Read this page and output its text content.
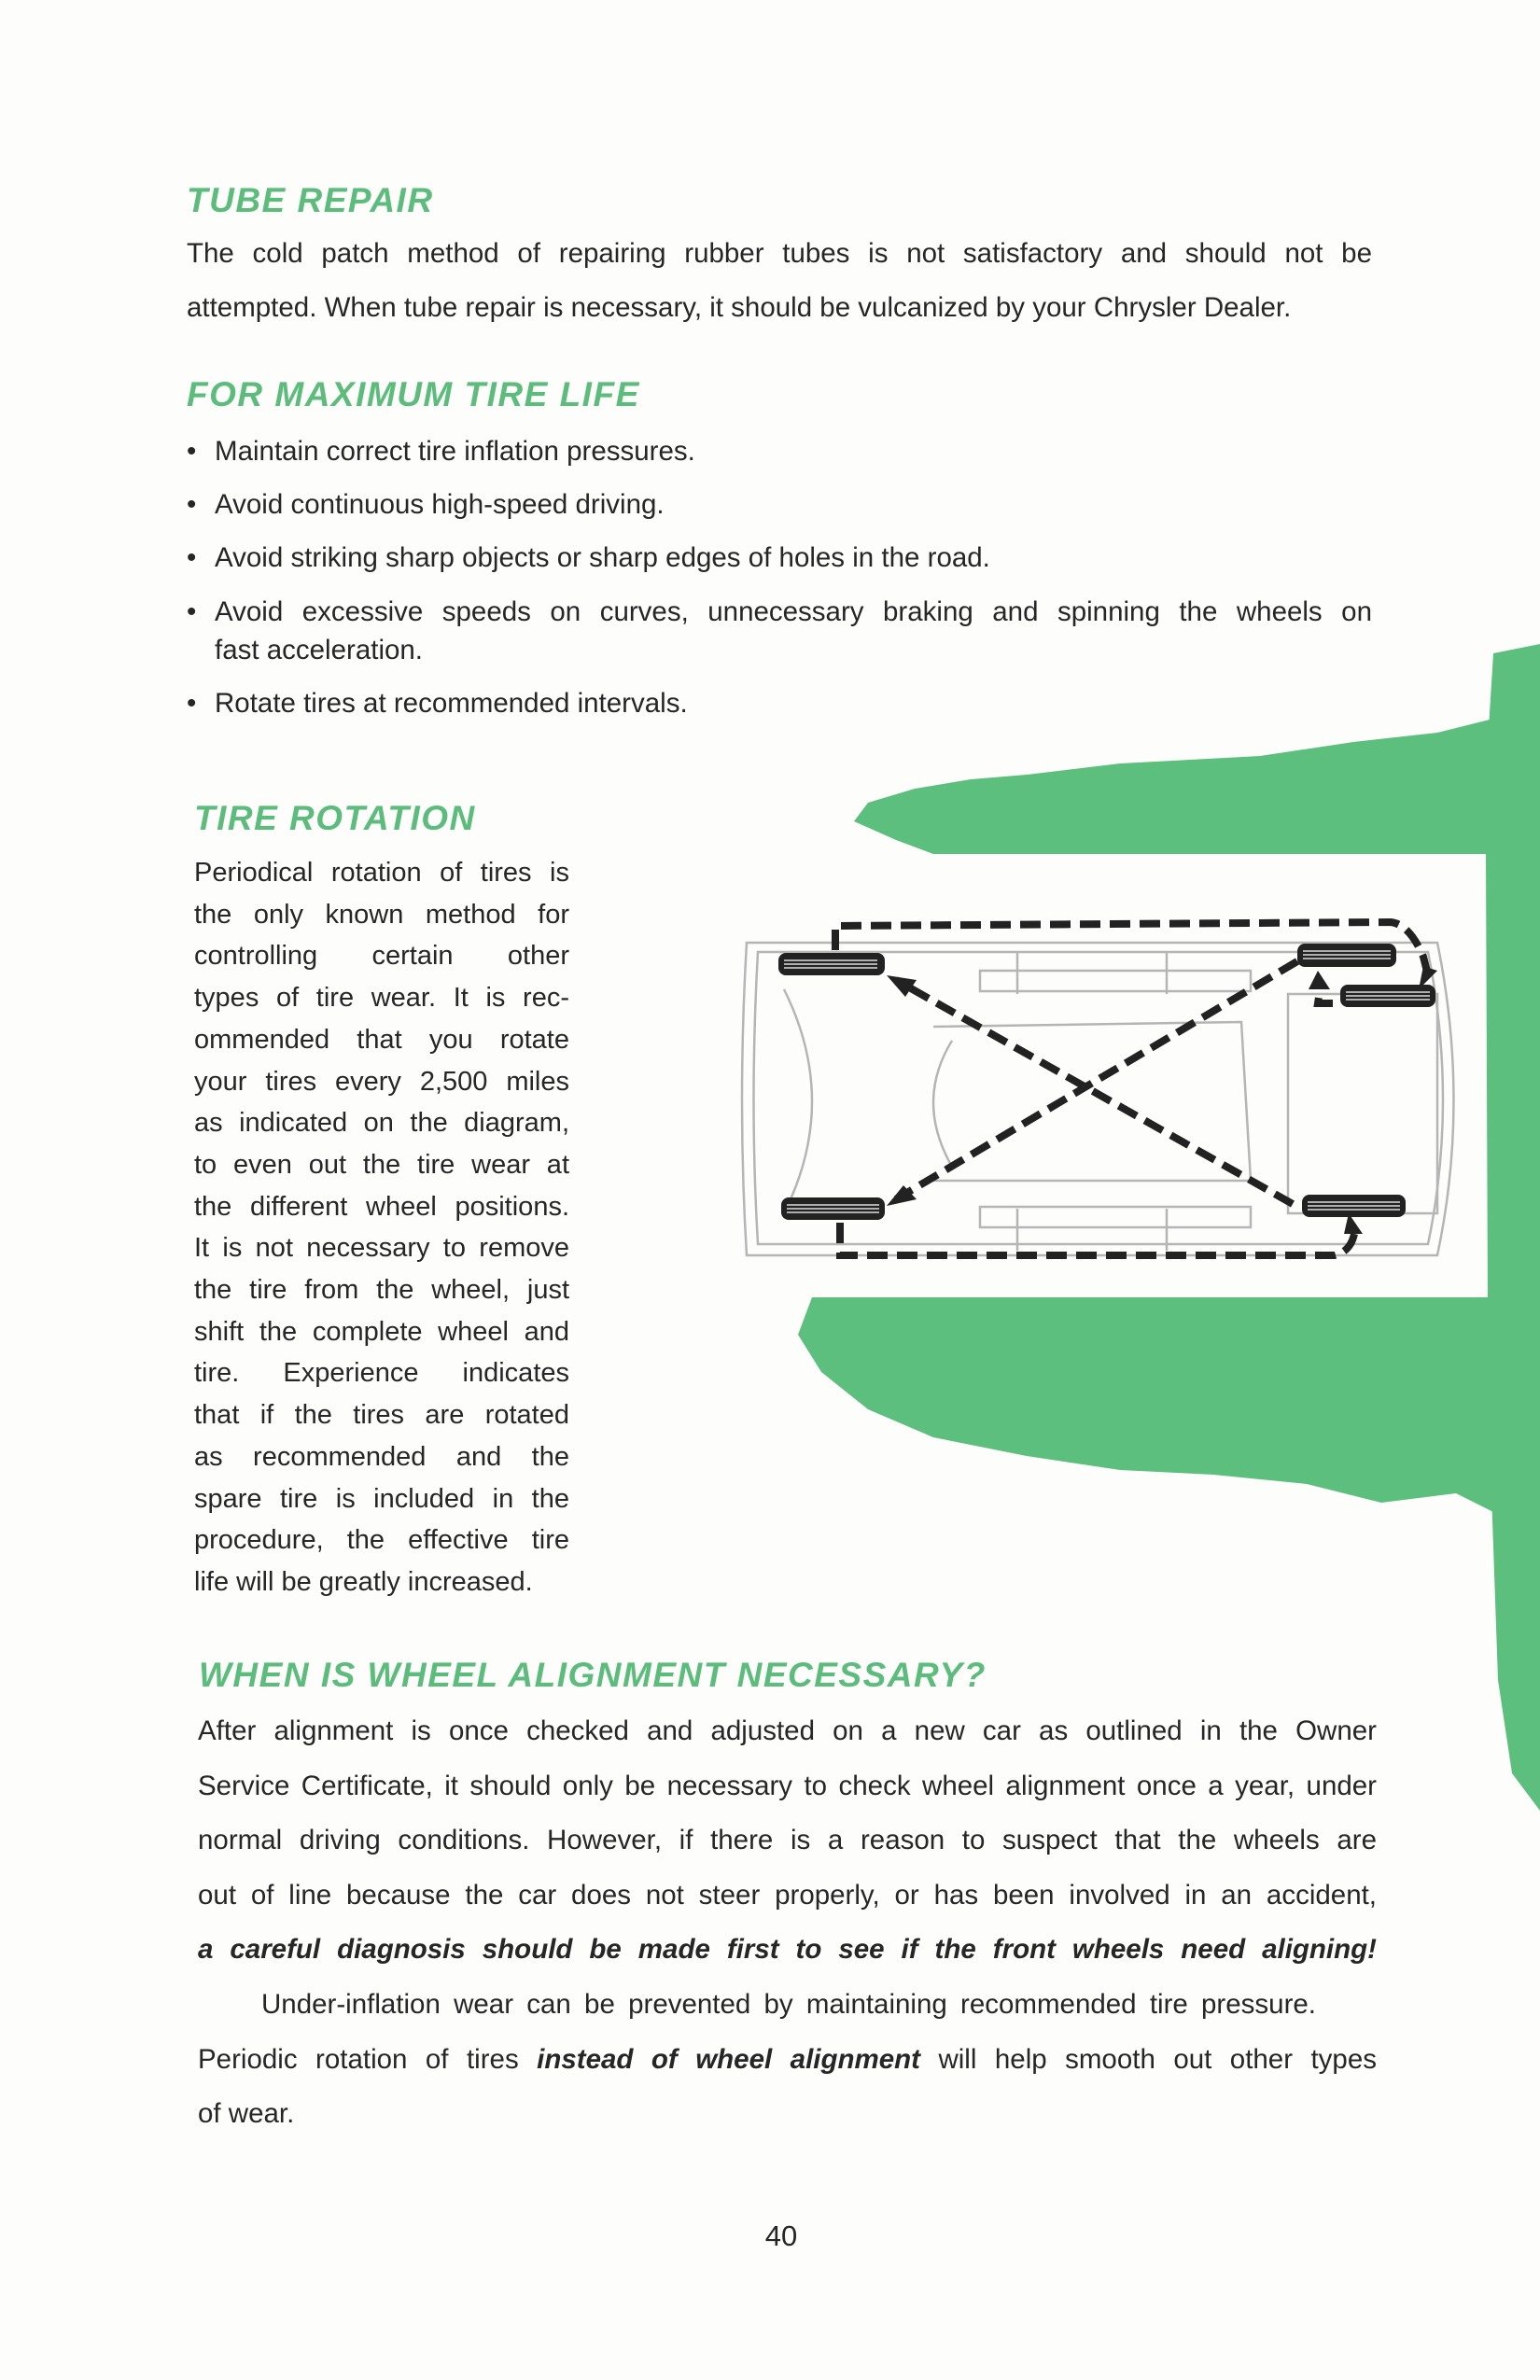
TUBE REPAIR
The cold patch method of repairing rubber tubes is not satisfactory and should not be
attempted. When tube repair is necessary, it should be vulcanized by your Chrysler Dealer.
FOR MAXIMUM TIRE LIFE
• Maintain correct tire inflation pressures.
• Avoid continuous high-speed driving.
• Avoid striking sharp objects or sharp edges of holes in the road.
• Avoid excessive speeds on curves, unnecessary braking and spinning the wheels on
fast acceleration.
• Rotate tires at recommended intervals.
TIRE ROTATION
Periodical rotation of tires is
the only known method for
controlling certain other
types of tire wear. It is rec-
ommended that you rotate
your tires every 2,500 miles
as indicated on the diagram,
to even out the tire wear at
the different wheel positions.
It is not necessary to remove
the tire from the wheel, just
shift the complete wheel and
tire. Experience indicates
that if the tires are rotated
as recommended and the
spare tire is included in the
procedure, the effective tire
life will be greatly increased.
WHEN IS WHEEL ALIGNMENT NECESSARY?
After alignment is once checked and adjusted on a new car as outlined in the Owner
Service Certificate, it should only be necessary to check wheel alignment once a year, under
normal driving conditions. However, if there is a reason to suspect that the wheels are
out of line because the car does not steer properly, or has been involved in an accident,
a careful diagnosis should be made first to see if the front wheels need aligning!
Under-inflation wear can be prevented by maintaining recommended tire pressure.
Periodic rotation of tires instead of wheel alignment will help smooth out other types
of wear.
40
